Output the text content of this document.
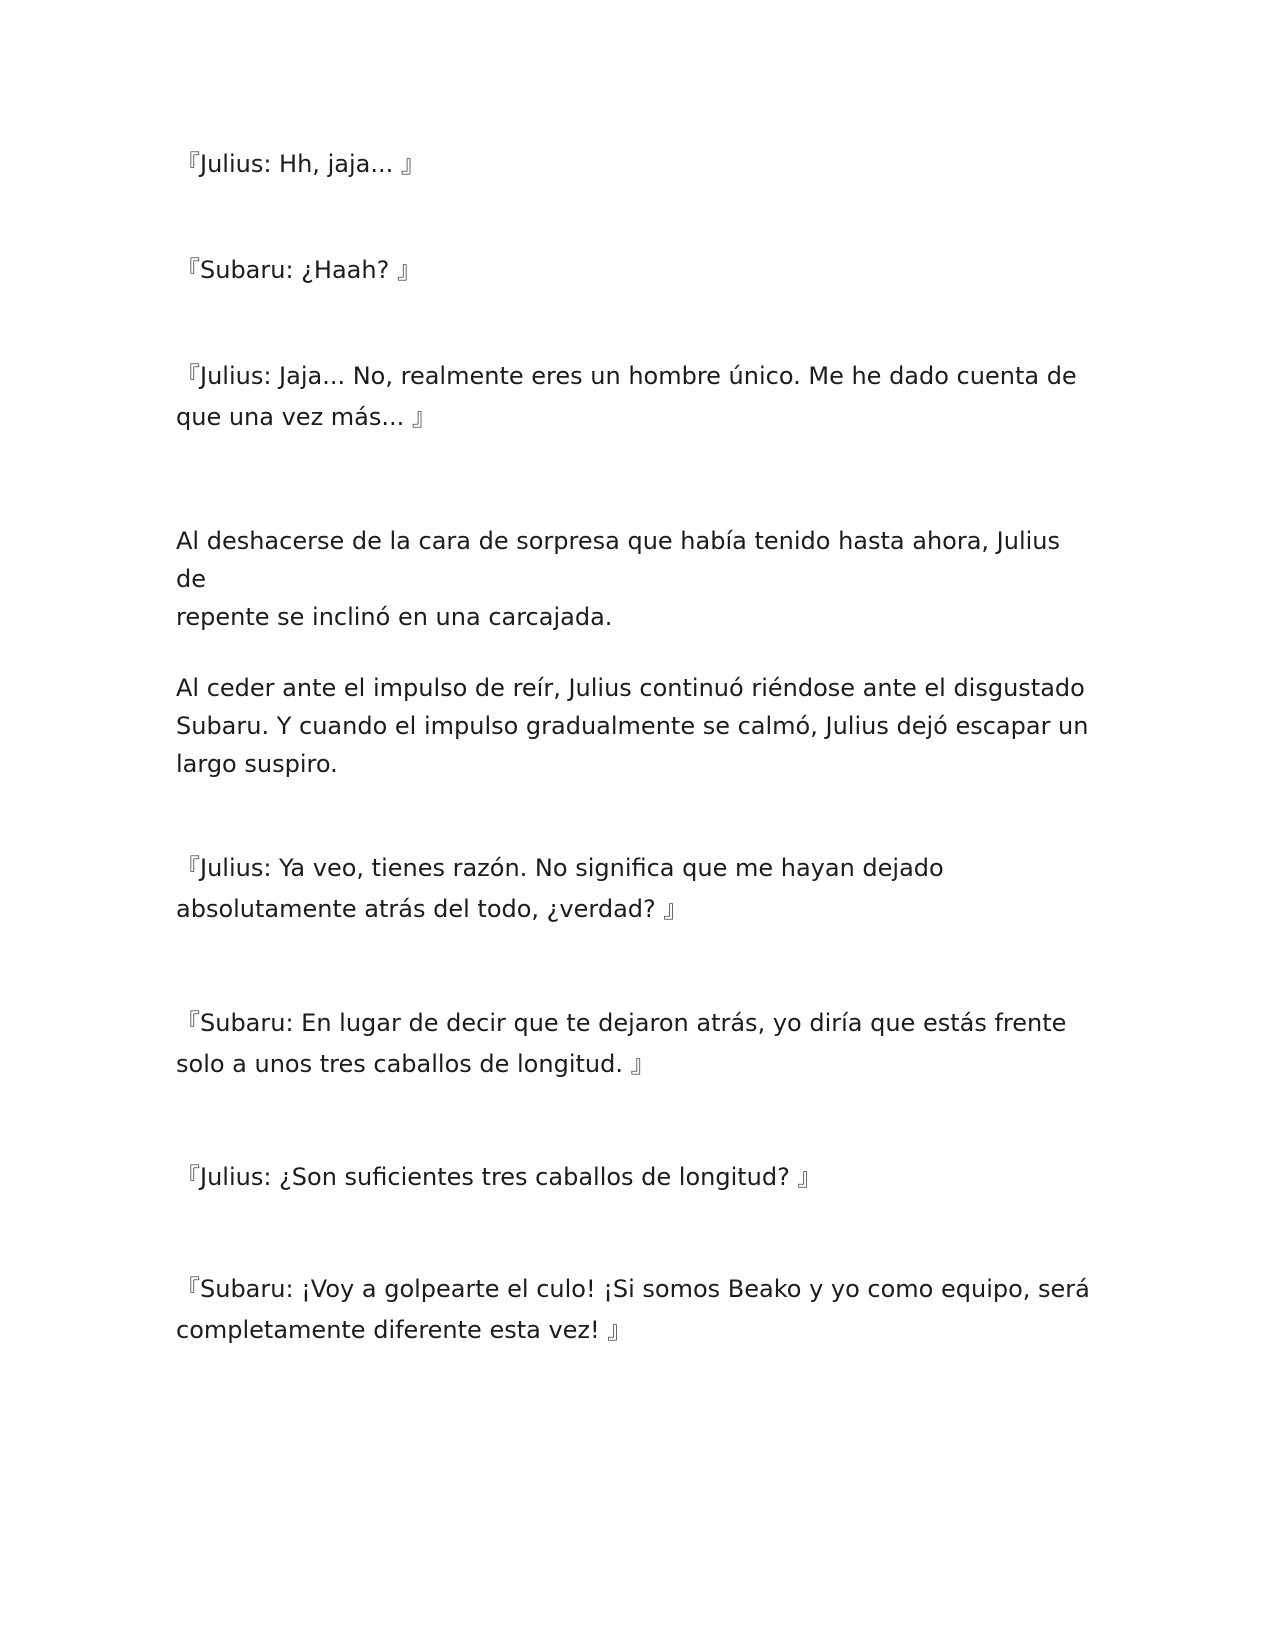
『Julius: Hh, jaja... 』

『Subaru: ¿Haah? 』

『Julius: Jaja... No, realmente eres un hombre único. Me he dado cuenta de
que una vez más... 』

Al deshacerse de la cara de sorpresa que había tenido hasta ahora, Julius de
repente se inclinó en una carcajada.

Al ceder ante el impulso de reír, Julius continuó riéndose ante el disgustado
Subaru. Y cuando el impulso gradualmente se calmó, Julius dejó escapar un
largo suspiro.

『Julius: Ya veo, tienes razón. No significa que me hayan dejado
absolutamente atrás del todo, ¿verdad? 』

『Subaru: En lugar de decir que te dejaron atrás, yo diría que estás frente
solo a unos tres caballos de longitud. 』

『Julius: ¿Son suficientes tres caballos de longitud? 』

『Subaru: ¡Voy a golpearte el culo! ¡Si somos Beako y yo como equipo, será
completamente diferente esta vez! 』
